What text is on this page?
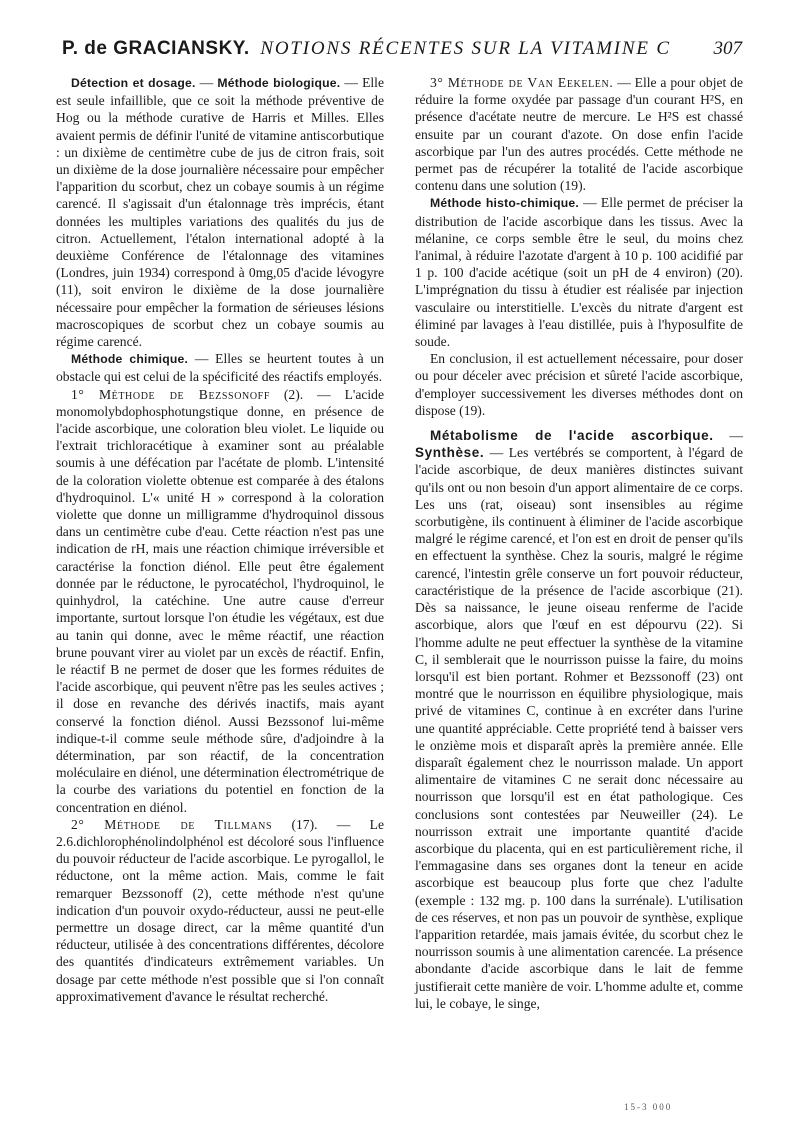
P. de GRACIANSKY. NOTIONS RÉCENTES SUR LA VITAMINE C 307

Détection et dosage. — Méthode biologique. — Elle est seule infaillible, que ce soit la méthode préventive de Hog ou la méthode curative de Harris et Milles. Elles avaient permis de définir l'unité de vitamine antiscorbutique : un dixième de centimètre cube de jus de citron frais, soit un dixième de la dose journalière nécessaire pour empêcher l'apparition du scorbut, chez un cobaye soumis à un régime carencé. Il s'agissait d'un étalonnage très imprécis, étant données les multiples variations des qualités du jus de citron. Actuellement, l'étalon international adopté à la deuxième Conférence de l'étalonnage des vitamines (Londres, juin 1934) correspond à 0mg,05 d'acide lévogyre (11), soit environ le dixième de la dose journalière nécessaire pour empêcher la formation de sérieuses lésions macroscopiques de scorbut chez un cobaye soumis au régime carencé.

Méthode chimique. — Elles se heurtent toutes à un obstacle qui est celui de la spécificité des réactifs employés.

1° Méthode de Bezssonoff (2). — L'acide monomolybdophosphotungstique donne, en présence de l'acide ascorbique, une coloration bleu violet. Le liquide ou l'extrait trichloracétique à examiner sont au préalable soumis à une défécation par l'acétate de plomb. L'intensité de la coloration violette obtenue est comparée à des étalons d'hydroquinol. L'« unité H » correspond à la coloration violette que donne un milligramme d'hydroquinol dissous dans un centimètre cube d'eau. Cette réaction n'est pas une indication de rH, mais une réaction chimique irréversible et caractérise la fonction diénol. Elle peut être également donnée par le réductone, le pyrocatéchol, l'hydroquinol, le quinhydrol, la catéchine. Une autre cause d'erreur importante, surtout lorsque l'on étudie les végétaux, est due au tanin qui donne, avec le même réactif, une réaction brune pouvant virer au violet par un excès de réactif. Enfin, le réactif B ne permet de doser que les formes réduites de l'acide ascorbique, qui peuvent n'être pas les seules actives ; il dose en revanche des dérivés inactifs, mais ayant conservé la fonction diénol. Aussi Bezssonof lui-même indique-t-il comme seule méthode sûre, d'adjoindre à la détermination, par son réactif, de la concentration moléculaire en diénol, une détermination électrométrique de la courbe des variations du potentiel en fonction de la concentration en diénol.

2° Méthode de Tillmans (17). — Le 2.6.dichlorophénolindolphénol est décoloré sous l'influence du pouvoir réducteur de l'acide ascorbique. Le pyrogallol, le réductone, ont la même action. Mais, comme le fait remarquer Bezssonoff (2), cette méthode n'est qu'une indication d'un pouvoir oxydo-réducteur, aussi ne peut-elle permettre un dosage direct, car la même quantité d'un réducteur, utilisée à des concentrations différentes, décolore des quantités d'indicateurs extrêmement variables. Un dosage par cette méthode n'est possible que si l'on connaît approximativement d'avance le résultat recherché.

3° Méthode de Van Eekelen. — Elle a pour objet de réduire la forme oxydée par passage d'un courant H²S, en présence d'acétate neutre de mercure. Le H²S est chassé ensuite par un courant d'azote. On dose enfin l'acide ascorbique par l'un des autres procédés. Cette méthode ne permet pas de récupérer la totalité de l'acide ascorbique contenu dans une solution (19).

Méthode histo-chimique. — Elle permet de préciser la distribution de l'acide ascorbique dans les tissus. Avec la mélanine, ce corps semble être le seul, du moins chez l'animal, à réduire l'azotate d'argent à 10 p. 100 acidifié par 1 p. 100 d'acide acétique (soit un pH de 4 environ) (20). L'imprégnation du tissu à étudier est réalisée par injection vasculaire ou interstitielle. L'excès du nitrate d'argent est éliminé par lavages à l'eau distillée, puis à l'hyposulfite de soude.

En conclusion, il est actuellement nécessaire, pour doser ou pour déceler avec précision et sûreté l'acide ascorbique, d'employer successivement les diverses méthodes dont on dispose (19).

Métabolisme de l'acide ascorbique. — Synthèse. — Les vertébrés se comportent, à l'égard de l'acide ascorbique, de deux manières distinctes suivant qu'ils ont ou non besoin d'un apport alimentaire de ce corps. Les uns (rat, oiseau) sont insensibles au régime scorbutigène, ils continuent à éliminer de l'acide ascorbique malgré le régime carencé, et l'on est en droit de penser qu'ils en effectuent la synthèse. Chez la souris, malgré le régime carencé, l'intestin grêle conserve un fort pouvoir réducteur, caractéristique de la présence de l'acide ascorbique (21). Dès sa naissance, le jeune oiseau renferme de l'acide ascorbique, alors que l'œuf en est dépourvu (22). Si l'homme adulte ne peut effectuer la synthèse de la vitamine C, il semblerait que le nourrisson puisse la faire, du moins lorsqu'il est bien portant. Rohmer et Bezssonoff (23) ont montré que le nourrisson en équilibre physiologique, mais privé de vitamines C, continue à en excréter dans l'urine une quantité appréciable. Cette propriété tend à baisser vers le onzième mois et disparaît après la première année. Elle disparaît également chez le nourrisson malade. Un apport alimentaire de vitamines C ne serait donc nécessaire au nourrisson que lorsqu'il est en état pathologique. Ces conclusions sont contestées par Neuweiller (24). Le nourrisson extrait une importante quantité d'acide ascorbique du placenta, qui en est particulièrement riche, il l'emmagasine dans ses organes dont la teneur en acide ascorbique est beaucoup plus forte que chez l'adulte (exemple : 132 mg. p. 100 dans la surrénale). L'utilisation de ces réserves, et non pas un pouvoir de synthèse, explique l'apparition retardée, mais jamais évitée, du scorbut chez le nourrisson soumis à une alimentation carencée. La présence abondante d'acide ascorbique dans le lait de femme justifierait cette manière de voir. L'homme adulte et, comme lui, le cobaye, le singe,

15-3 000
